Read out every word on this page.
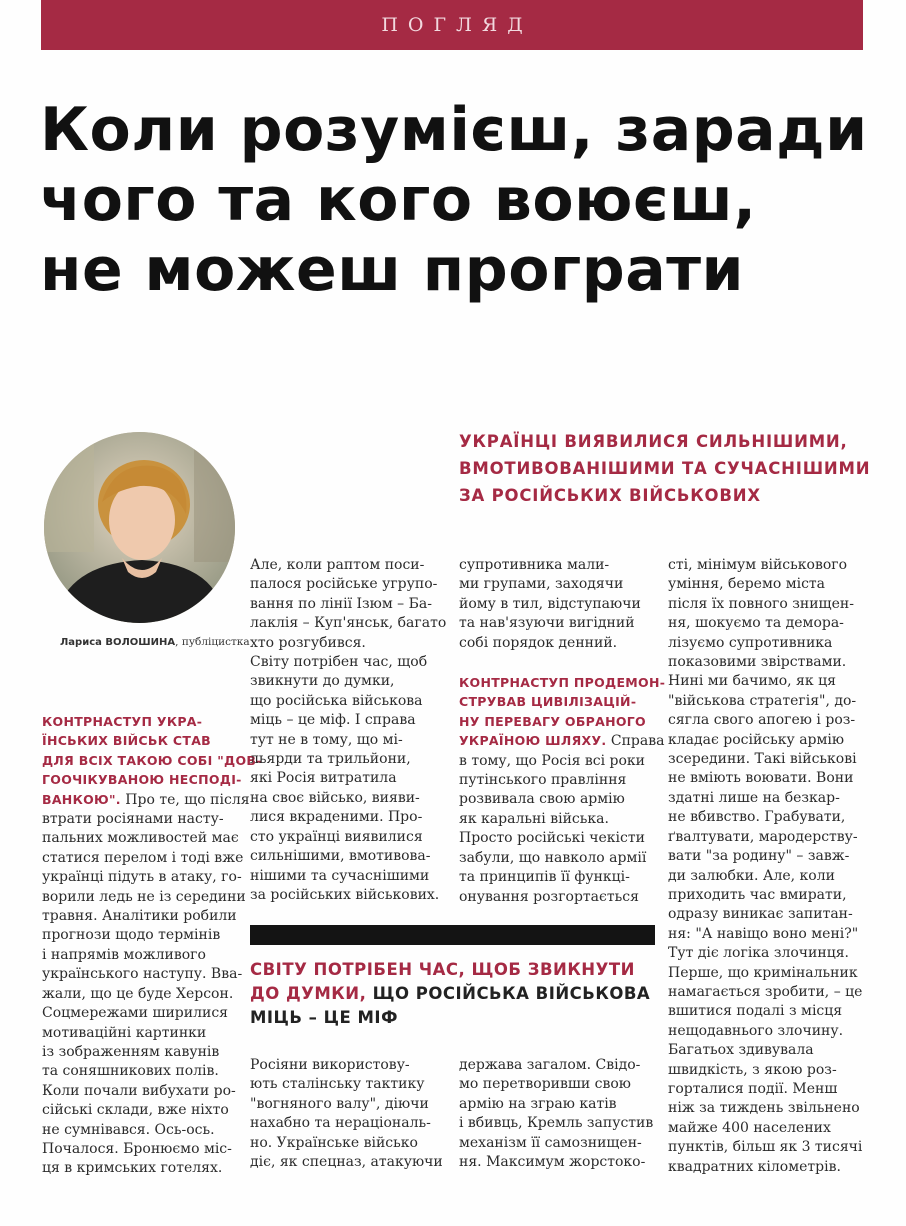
ПОГЛЯД
Коли розумієш, заради
чого та кого воюєш,
не можеш програти
Лариса ВОЛОШИНА, публіцистка
УКРАЇНЦІ ВИЯВИЛИСЯ СИЛЬНІШИМИ,
ВМОТИВОВАНІШИМИ ТА СУЧАСНІШИМИ
ЗА РОСІЙСЬКИХ ВІЙСЬКОВИХ
КОНТРНАСТУП УКРА-
ЇНСЬКИХ ВІЙСЬК СТАВ
ДЛЯ ВСІХ ТАКОЮ СОБІ "ДОВ-
ГООЧІКУВАНОЮ НЕСПОДІ-
ВАНКОЮ". Про те, що після
втрати росіянами насту-
пальних можливостей має
статися перелом і тоді вже
українці підуть в атаку, го-
ворили ледь не із середини
травня. Аналітики робили
прогнози щодо термінів
і напрямів можливого
українського наступу. Вва-
жали, що це буде Херсон.
Соцмережами ширилися
мотиваційні картинки
із зображенням кавунів
та соняшникових полів.
Коли почали вибухати ро-
сійські склади, вже ніхто
не сумнівався. Ось-ось.
Почалося. Бронюємо міс-
ця в кримських готелях.
Але, коли раптом поси-
палося російське угрупо-
вання по лінії Ізюм – Ба-
лаклія – Куп'янськ, багато
хто розгубився.
Світу потрібен час, щоб
звикнути до думки,
що російська військова
міць – це міф. І справа
тут не в тому, що мі-
льярди та трильйони,
які Росія витратила
на своє військо, вияви-
лися вкрадeними. Про-
сто українці виявилися
сильнішими, вмотивова-
нішими та сучаснішими
за російських військових.
СВІТУ ПОТРІБЕН ЧАС, ЩОБ ЗВИКНУТИ
ДО ДУМКИ, ЩО РОСІЙСЬКА ВІЙСЬКОВА
МІЦЬ – ЦЕ МІФ
Росіяни використову-
ють сталінську тактику
"вогняного валу", діючи
нахабно та нераціональ-
но. Українське військо
діє, як спецназ, атакуючи
супротивника мали-
ми групами, заходячи
йому в тил, відступаючи
та нав'язуючи вигідний
собі порядок денний.
КОНТРНАСТУП ПРОДЕМОН-
СТРУВАВ ЦИВІЛІЗАЦІЙ-
НУ ПЕРЕВАГУ ОБРАНОГО
УКРАЇНОЮ ШЛЯХУ. Справа
в тому, що Росія всі роки
путінського правління
розвивала свою армію
як каральні війська.
Просто російські чекісти
забули, що навколо армії
та принципів її функці-
онування розгортається
держава загалом. Свідо-
мо перетворивши свою
армію на зграю катів
і вбивць, Кремль запустив
механізм її самознищен-
ня. Максимум жорстоко-
сті, мінімум військового
уміння, беремо міста
після їх повного знищен-
ня, шокуємо та демора-
лізуємо супротивника
показовими звірствами.
Нині ми бачимо, як ця
"військова стратегія", до-
сягла свого апогею і роз-
кладає російську армію
зсередини. Такі військові
не вміють воювати. Вони
здатні лише на безкар-
не вбивство. Грабувати,
ґвалтувати, мародерству-
вати "за родину" – завж-
ди залюбки. Але, коли
приходить час вмирати,
одразу виникає запитан-
ня: "А навіщо воно мені?"
Тут діє логіка злочинця.
Перше, що кримінальник
намагається зробити, – це
вшитися подалі з місця
нещодавнього злочину.
Багатьох здивувала
швидкість, з якою роз-
горталися події. Менш
ніж за тиждень звільнено
майже 400 населених
пунктів, більш як 3 тисячі
квадратних кілометрів.
